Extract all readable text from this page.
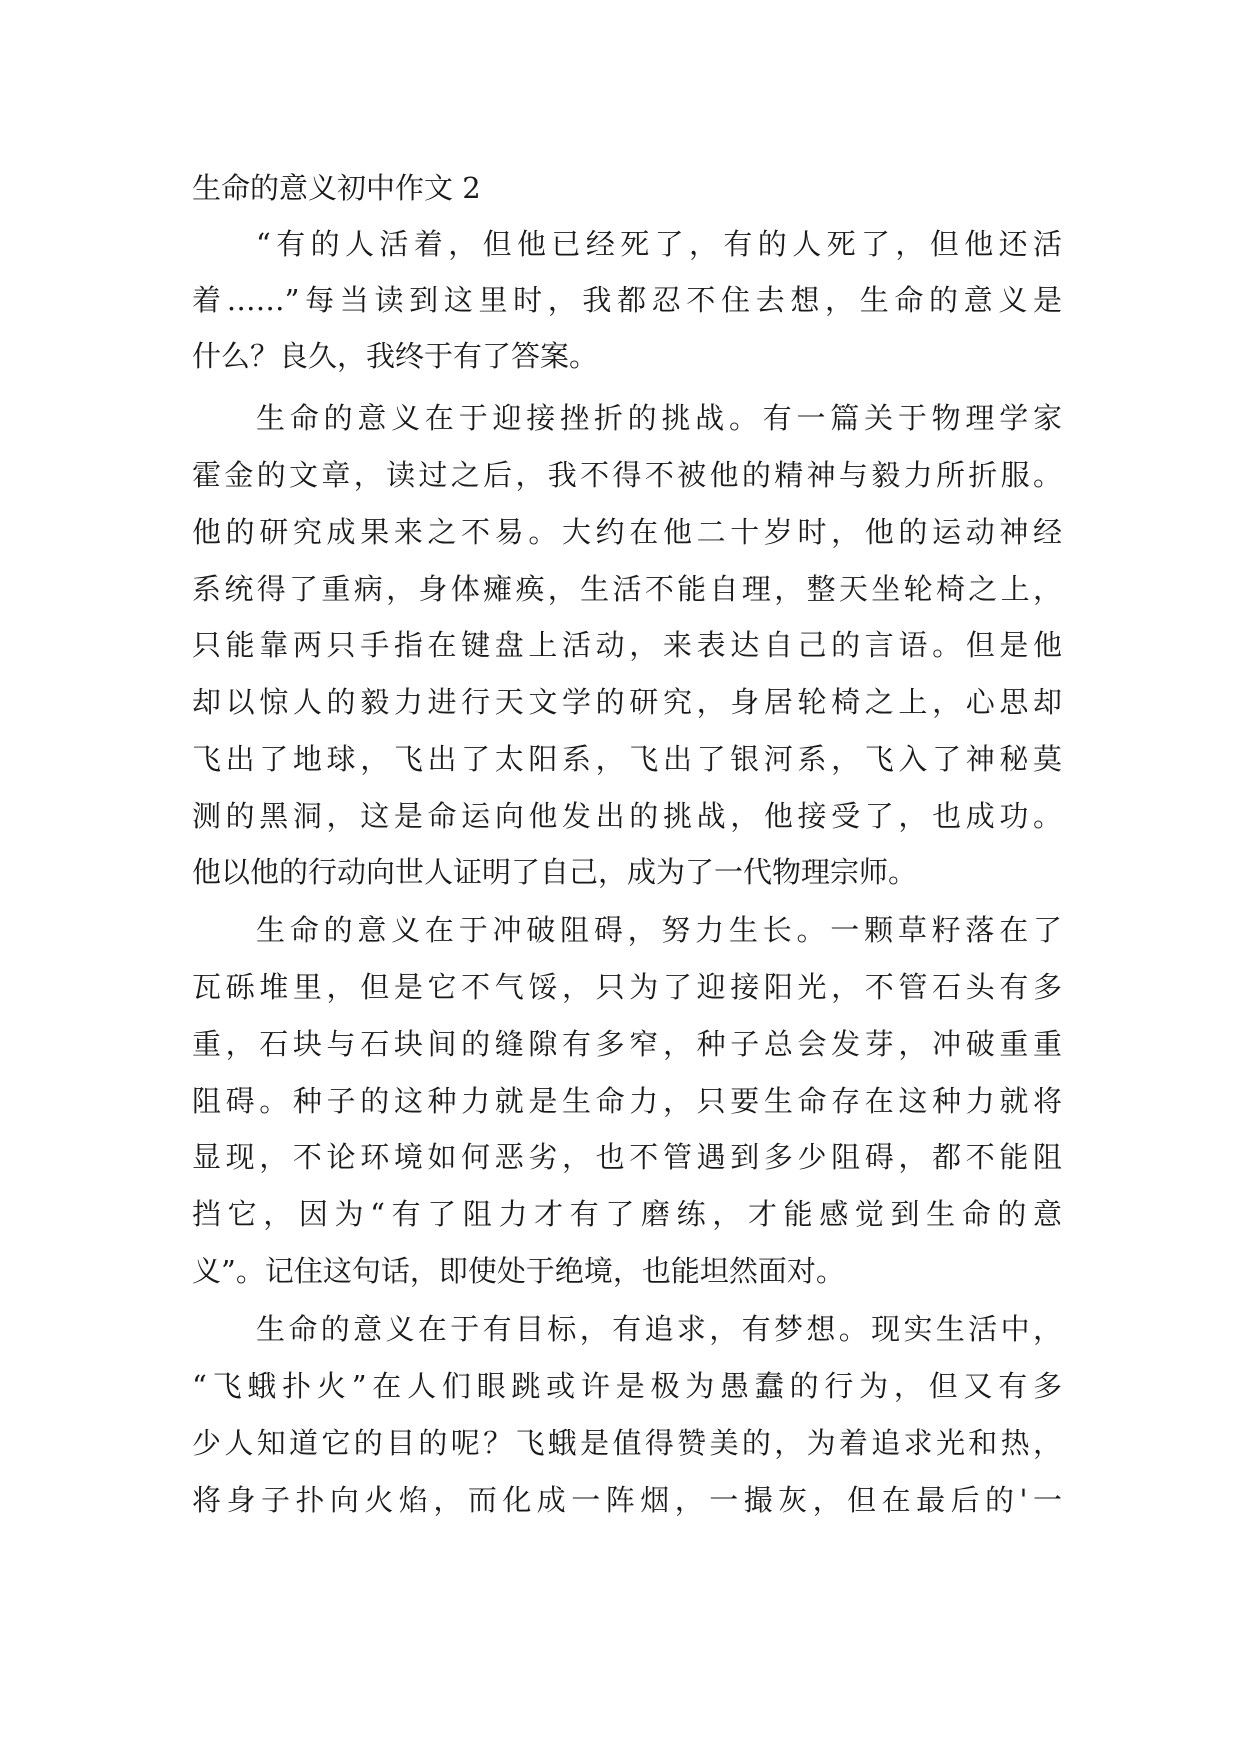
生命的意义初中作文 2
“有的人活着，但他已经死了，有的人死了，但他还活
着……”每当读到这里时，我都忍不住去想，生命的意义是
什么？良久，我终于有了答案。
生命的意义在于迎接挫折的挑战。有一篇关于物理学家
霍金的文章，读过之后，我不得不被他的精神与毅力所折服。
他的研究成果来之不易。大约在他二十岁时，他的运动神经
系统得了重病，身体瘫痪，生活不能自理，整天坐轮椅之上，
只能靠两只手指在键盘上活动，来表达自己的言语。但是他
却以惊人的毅力进行天文学的研究，身居轮椅之上，心思却
飞出了地球，飞出了太阳系，飞出了银河系，飞入了神秘莫
测的黑洞，这是命运向他发出的挑战，他接受了，也成功。
他以他的行动向世人证明了自己，成为了一代物理宗师。
生命的意义在于冲破阻碍，努力生长。一颗草籽落在了
瓦砾堆里，但是它不气馁，只为了迎接阳光，不管石头有多
重，石块与石块间的缝隙有多窄，种子总会发芽，冲破重重
阻碍。种子的这种力就是生命力，只要生命存在这种力就将
显现，不论环境如何恶劣，也不管遇到多少阻碍，都不能阻
挡它，因为“有了阻力才有了磨练，才能感觉到生命的意
义”。记住这句话，即使处于绝境，也能坦然面对。
生命的意义在于有目标，有追求，有梦想。现实生活中，
“飞蛾扑火”在人们眼跳或许是极为愚蠢的行为，但又有多
少人知道它的目的呢？飞蛾是值得赞美的，为着追求光和热，
将身子扑向火焰，而化成一阵烟，一撮灰，但在最后的'一
